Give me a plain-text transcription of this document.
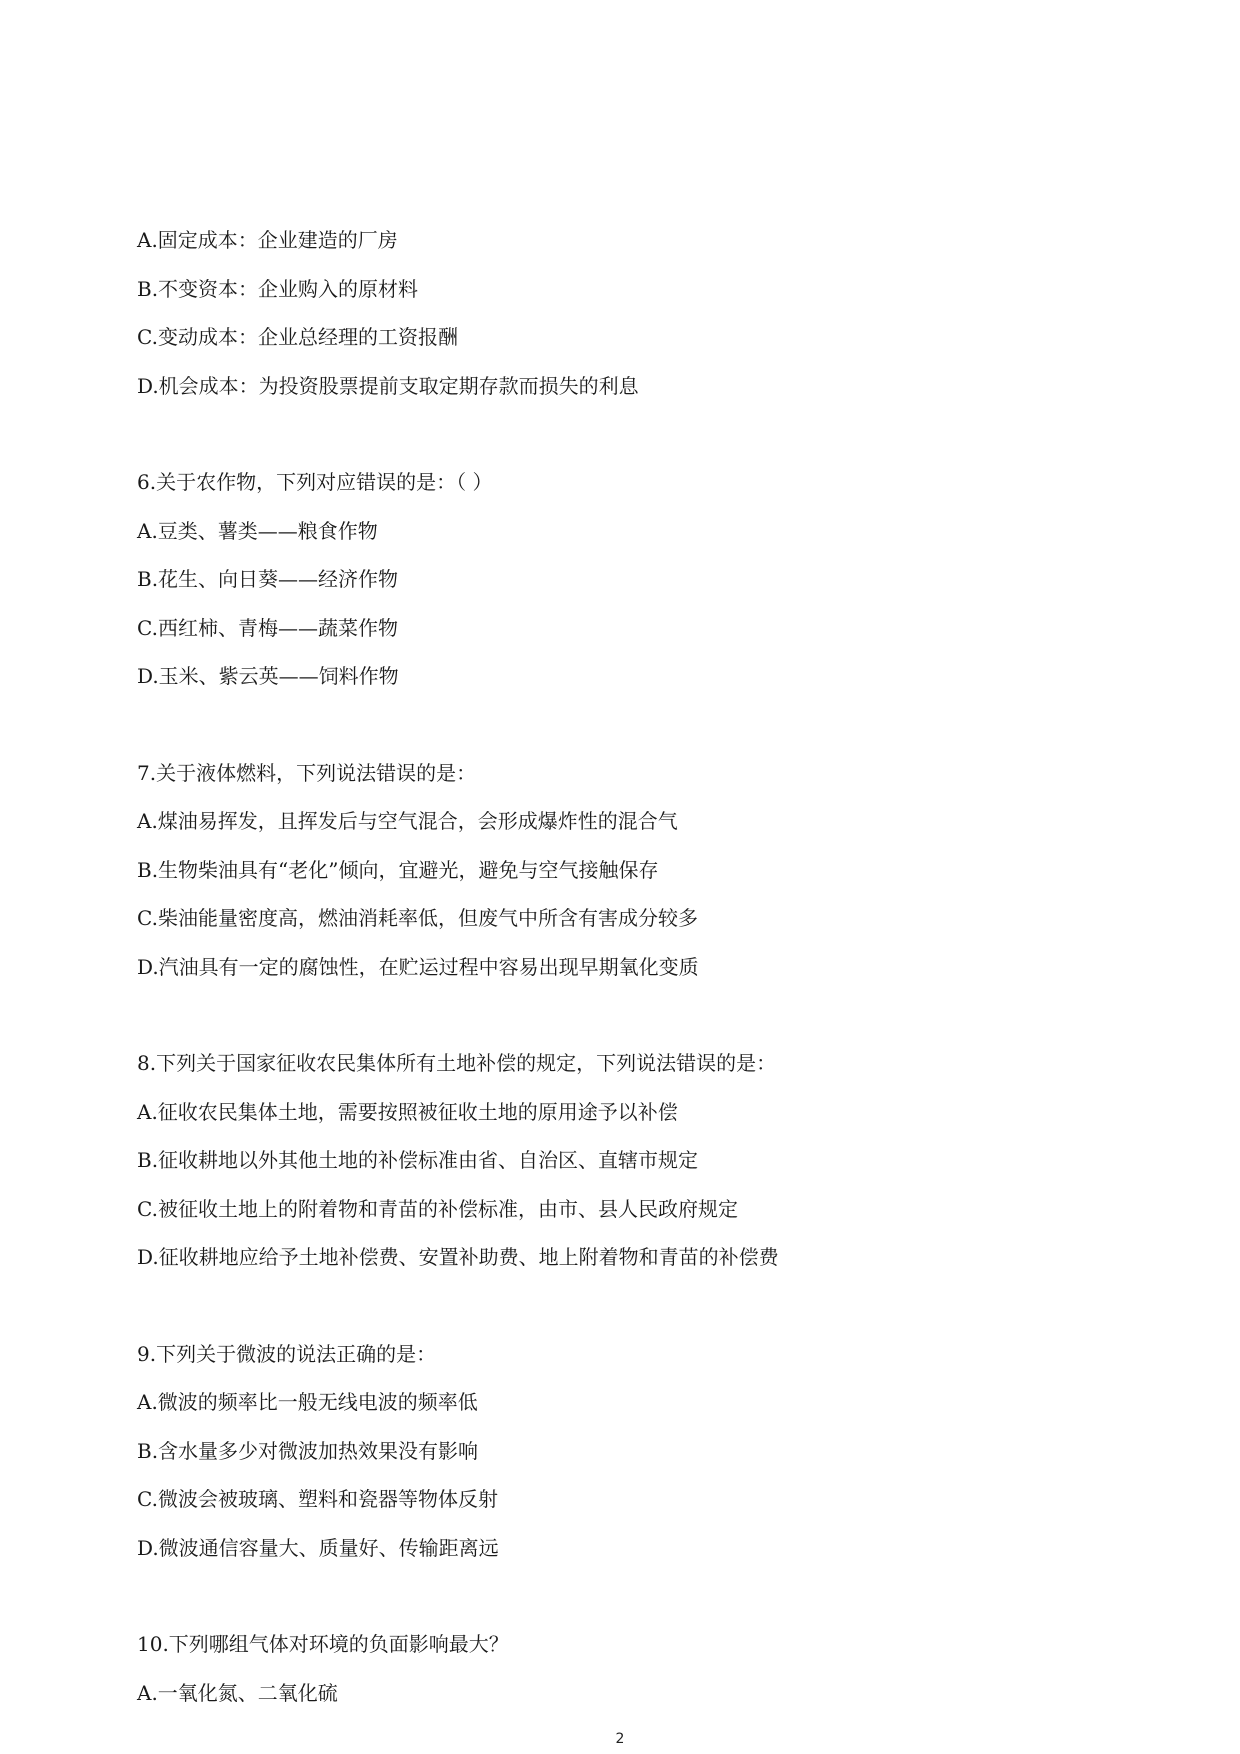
A.固定成本：企业建造的厂房
B.不变资本：企业购入的原材料
C.变动成本：企业总经理的工资报酬
D.机会成本：为投资股票提前支取定期存款而损失的利息
6.关于农作物，下列对应错误的是：（ ）
A.豆类、薯类——粮食作物
B.花生、向日葵——经济作物
C.西红柿、青梅——蔬菜作物
D.玉米、紫云英——饲料作物
7.关于液体燃料，下列说法错误的是：
A.煤油易挥发，且挥发后与空气混合，会形成爆炸性的混合气
B.生物柴油具有“老化”倾向，宜避光，避免与空气接触保存
C.柴油能量密度高，燃油消耗率低，但废气中所含有害成分较多
D.汽油具有一定的腐蚀性，在贮运过程中容易出现早期氧化变质
8.下列关于国家征收农民集体所有土地补偿的规定，下列说法错误的是：
A.征收农民集体土地，需要按照被征收土地的原用途予以补偿
B.征收耕地以外其他土地的补偿标准由省、自治区、直辖市规定
C.被征收土地上的附着物和青苗的补偿标准，由市、县人民政府规定
D.征收耕地应给予土地补偿费、安置补助费、地上附着物和青苗的补偿费
9.下列关于微波的说法正确的是：
A.微波的频率比一般无线电波的频率低
B.含水量多少对微波加热效果没有影响
C.微波会被玻璃、塑料和瓷器等物体反射
D.微波通信容量大、质量好、传输距离远
10.下列哪组气体对环境的负面影响最大？
A.一氧化氮、二氧化硫
2
